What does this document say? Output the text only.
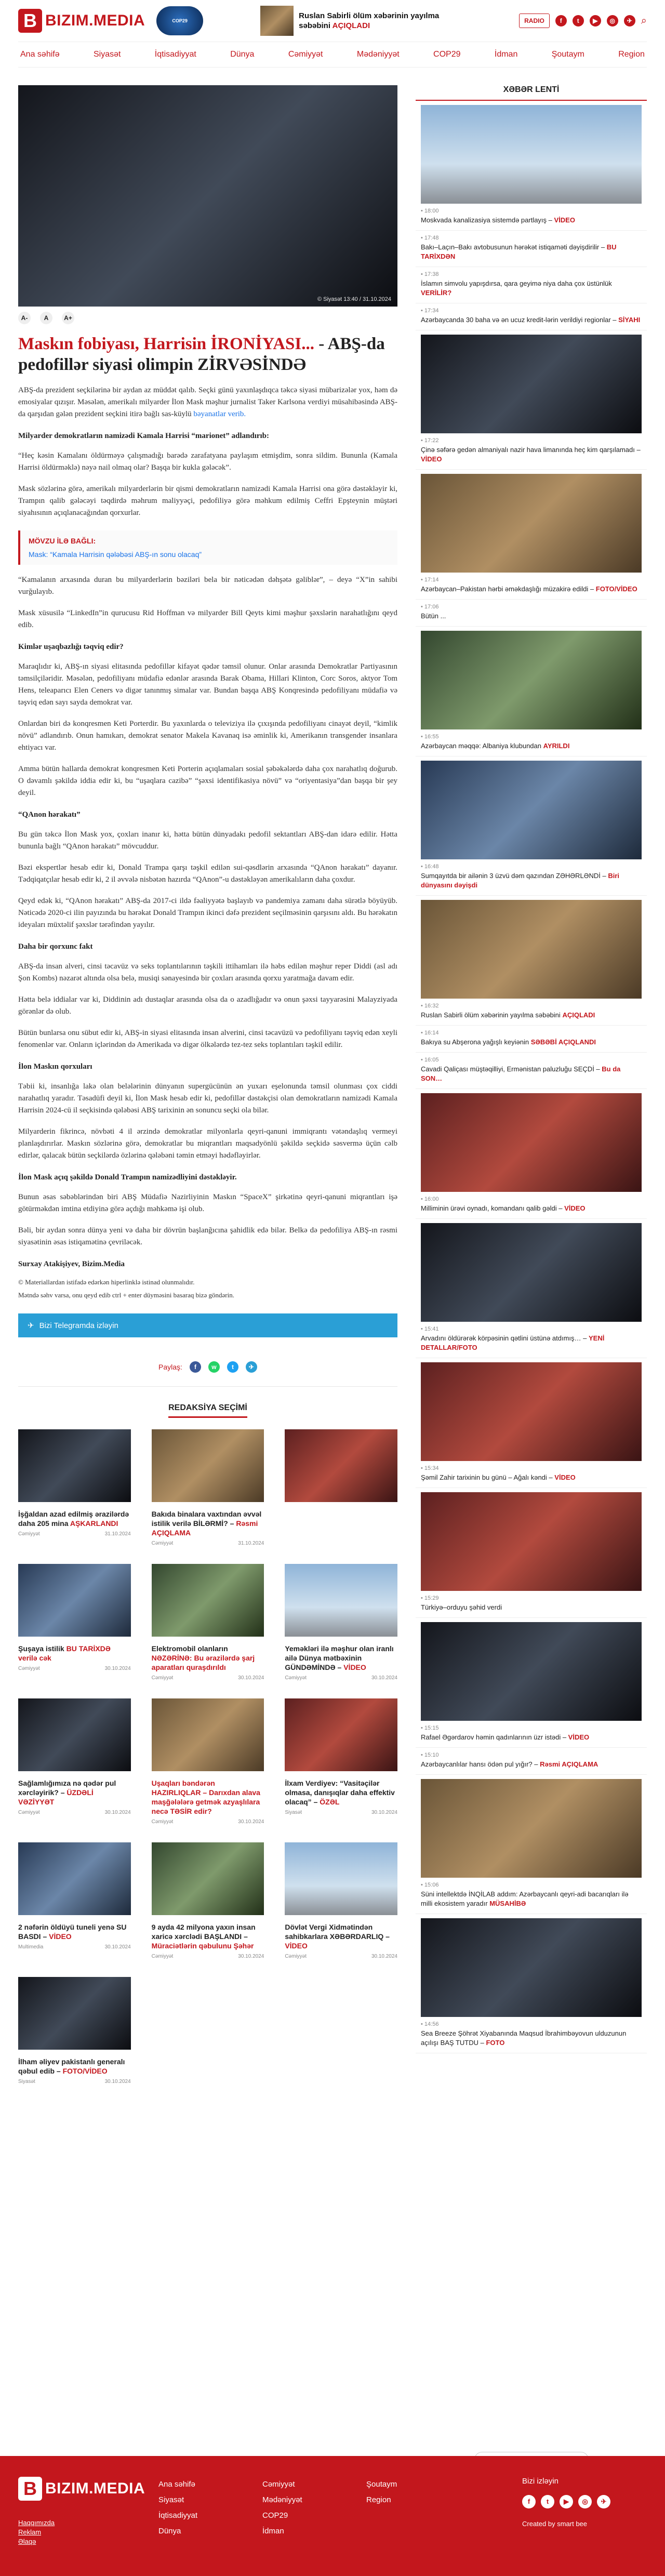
B BIZIM.MEDIA	COP29
Ruslan Sabirli ölüm xəbərinin yayılma səbəbini AÇIQLADI
RADIO	f	t	▶	◎	✈ ⌕
Ana səhifə	Siyasət	İqtisadiyyat	Dünya	Cəmiyyət	Mədəniyyət	COP29	İdman	Şoutaym	Region
© Siyasət 13:40 / 31.10.2024
A-	A	A+
Maskın fobiyası, Harrisin İRONİYASI... - ABŞ-da pedofillər siyasi olimpin ZİRVƏSİNDƏ

ABŞ-da prezident seçkilərinə bir aydan az müddət qalıb. Seçki günü yaxınlaşdıqca təkcə siyasi mübarizələr yox, həm də emosiyalar qızışır. Məsələn, amerikalı milyarder İlon Mask məşhur jurnalist Taker Karlsona verdiyi müsahibəsində ABŞ-da qarşıdan gələn prezident seçkini itirə bağlı sas-küylü bəyanatlar verib.

Milyarder demokratların namizədi Kamala Harrisi “marionet” adlandırıb:

“Heç kəsin Kamalanı öldürməyə çalışmadığı barədə zarafatyana paylaşım etmişdim, sonra sildim. Bununla (Kamala Harrisi öldürməklə) nəyə nail olmaq olar? Başqa bir kukla gələcək”.

Mask sözlərinə görə, amerikalı milyarderlərin bir qismi demokratların namizədi Kamala Harrisi ona görə dəstəkləyir ki, Trampın qalib gələcəyi təqdirdə məhrum maliyyəçi, pedofiliyə görə məhkum edilmiş Ceffri Epşteynin müştəri siyahısının açıqlanacağından qorxurlar.

MÖVZU İLƏ BAĞLI:
Mask: “Kamala Harrisin qələbəsi ABŞ-ın sonu olacaq”

“Kamalanın arxasında duran bu milyarderlərin bəziləri bela bir nəticədən dəhşətə gəliblər”, – deyə “X”in sahibi vurğulayıb.

Mask xüsusilə “LinkedIn”in qurucusu Rid Hoffman və milyarder Bill Qeyts kimi məşhur şəxslərin narahatlığını qeyd edib.

Kimlər uşaqbazlığı təqviq edir?

Maraqlıdır ki, ABŞ-ın siyasi elitasında pedofillər kifayət qədər təmsil olunur. Onlar arasında Demokratlar Partiyasının təmsilçiləridir. Məsələn, pedofiliyanı müdafiə edənlər arasında Barak Obama, Hillari Klinton, Corc Soros, aktyor Tom Hens, teleaparıcı Elen Ceners və digər tanınmış simalar var. Bundan başqa ABŞ Konqresində pedofiliyanı müdafiə və təşviq edən sayı sayda demokrat var.

Onlardan biri də konqresmen Keti Porterdir. Bu yaxınlarda o televiziya ilə çıxışında pedofiliyanı cinayət deyil, “kimlik növü” adlandırıb. Onun hamıkarı, demokrat senator Makela Kavanaq isə əminlik ki, Amerikanın transgender insanlara ehtiyacı var.

Amma bütün hallarda demokrat konqresmen Keti Porterin açıqlamaları sosial şəbəkələrdə daha çox narahatlıq doğurub. O dəvamlı şəkildə iddia edir ki, bu “uşaqlara cazibə” “şəxsi identifikasiya növü” və “oriyentasiya”dan başqa bir şey deyil.

“QAnon hərakatı”

Bu gün təkcə İlon Mask yox, çoxları inanır ki, hətta bütün dünyadakı pedofil sektantları ABŞ-dan idarə edilir. Hətta bununla bağlı “QAnon hərakatı” mövcuddur.

Bəzi ekspertlər hesab edir ki, Donald Trampa qarşı təşkil edilən sui-qəsdlərin arxasında “QAnon hərakatı” dayanır. Tədqiqatçılar hesab edir ki, 2 il əvvələ nisbətən hazırda “QAnon”-u dəstəkləyən amerikalıların daha çoxdur.

Qeyd edək ki, “QAnon hərakatı” ABŞ-da 2017-ci ildə fəaliyyətə başlayıb və pandemiya zamanı daha sürətlə böyüyüb. Nəticədə 2020-ci ilin payızında bu hərəkat Donald Trampın ikinci dəfə prezident seçilməsinin qarşısını aldı. Bu hərəkatın ideyaları müxtəlif şəxslər tərəfindən yayılır.

Daha bir qorxunc fakt

ABŞ-da insan alveri, cinsi təcavüz və seks toplantılarının təşkili ittihamları ilə həbs edilən məşhur reper Diddi (asl adı Şon Kombs) nəzarət altında olsa belə, musiqi sənayesində bir çoxları arasında qorxu yaratmağa davam edir.

Hətta belə iddialar var ki, Diddinin adı dustaqlar arasında olsa da o azadlığadır və onun şəxsi tayyarəsini Malayziyada görənlər də olub.

Bütün bunlarsa onu sübut edir ki, ABŞ-in siyasi elitasında insan alverini, cinsi təcavüzü və pedofiliyanı təşviq edən xeyli fenomenlər var. Onların içlərindən də Amerikada və digər ölkələrdə tez-tez seks toplantıları təşkil edilir.

İlon Maskın qorxuları

Təbii ki, insanlığa lakə olan belələrinin dünyanın supergücünün ən yuxarı eşelonunda təmsil olunması çox ciddi narahatlıq yaradır. Təsadüfi deyil ki, İlon Mask hesab edir ki, pedofillər dəstəkçisi olan demokratların namizədi Kamala Harrisin 2024-cü il seçkisində qələbəsi ABŞ tarixinin ən sonuncu seçki ola bilər.

Milyarderin fikrincə, növbəti 4 il ərzində demokratlar milyonlarla qeyri-qanuni immiqrantı vətəndaşlıq vermeyi planlaşdırırlar. Maskın sözlərinə görə, demokratlar bu miqrantları maqsadyönlü şəkildə seçkidə səsvermə üçün cəlb edirlər, qalacak bütün seçkilərdə özlərinə qələbəni təmin etməyi hədəfləyirlər.

İlon Mask açıq şəkildə Donald Trampın namizədliyini dəstəkləyir.

Bunun əsas səbəblərindən biri ABŞ Müdafiə Nazirliyinin Maskın “SpaceX” şirkətinə qeyri-qanuni miqrantları işə götürməkdən imtina etdiyinə görə açdığı məhkəmə işi olub.

Bəli, bir aydan sonra dünya yeni və daha bir dövrün başlanğıcına şahidlik edə bilər. Belkə də pedofiliya ABŞ-ın rəsmi siyasətinin əsas istiqamətinə çevriləcək.

Surxay Atakişiyev, Bizim.Media

© Materiallardan istifadə edərkən hiperlinklə istinad olunmalıdır.

Mətndə səhv varsa, onu qeyd edib ctrl + enter düyməsini basaraq bizə göndərin.

✈ Bizi Telegramda izləyin
Paylaş:	f	w	t	✈
REDAKSİYA SEÇİMİ
İşğaldan azad edilmiş ərazilərdə daha 205 mina AŞKARLANDI
Cəmiyyət	31.10.2024
Bakıda binalara vaxtından əvvəl istilik verilə BİLƏRMİ? – Rəsmi AÇIQLAMA
Cəmiyyət	31.10.2024
Şuşaya istilik BU TARİXDƏ verilə cək
Cəmiyyət	30.10.2024
Elektromobil olanların NƏZƏRİNƏ: Bu ərazilərdə şarj aparatları quraşdırıldı
Cəmiyyət	30.10.2024
Yeməkləri ilə məşhur olan iranlı ailə Dünya mətbəxinin GÜNDƏMİNDƏ – VİDEO
Cəmiyyət	30.10.2024
Sağlamlığımıza nə qədər pul xərcləyirik? – ÜZDƏLİ VƏZİYYƏT
Cəmiyyət	30.10.2024
Uşaqları bəndərən HAZIRLIQLAR – Darıxdan alava maşğələlərə getmək azyaşlılara necə TƏSİR edir?
Cəmiyyət	30.10.2024
İlxam Verdiyev: “Vasitəçilər olmasa, danışıqlar daha effektiv olacaq” – ÖZƏL
Siyasət	30.10.2024
2 nəfərin öldüyü tuneli yenə SU BASDI – VİDEO
Multimedia	30.10.2024
9 ayda 42 milyona yaxın insan xaricə xərclədi BAŞLANDI – Müraciətlərin qəbulunu Şəhər
Cəmiyyət	30.10.2024
Dövlət Vergi Xidmətindən sahibkarlara XƏBƏRDARLIQ – VİDEO
Cəmiyyət	30.10.2024
İlham əliyev pakistanlı generalı qəbul edib – FOTO/VİDEO
Siyasət	30.10.2024
XƏBƏR LENTİ
• 18:00
Moskvada kanalizasiya sistemdə partlayış – VİDEO
• 17:48
Bakı–Laçın–Bakı avtobusunun hərəkət istiqaməti dəyişdirilir – BU TARİXDƏN
• 17:38
İslamın simvolu yapışdırsa, qara geyimə niya daha çox üstünlük VERİLİR?
• 17:34
Azərbaycanda 30 baha və ən ucuz kredit-lərin verildiyi regionlar – SİYAHI
• 17:22
Çinə səfərə gedən almaniyalı nazir hava limanında heç kim qarşılamadı – VİDEO
• 17:14
Azərbaycan–Pakistan hərbi əməkdaşlığı müzakirə edildi – FOTO/VİDEO
• 17:06
Bütün ...
• 16:55
Azərbaycan məqqə: Albaniya klubundan AYRILDI
• 16:48
Sumqayıtda bir ailənin 3 üzvü dəm qazından ZƏHƏRLƏNDİ – Biri dünyasını dəyişdi
• 16:32
Ruslan Sabirli ölüm xəbərinin yayılma səbəbini AÇIQLADI
• 16:14
Bakıya su Abşerona yağışlı keyiənin SƏBƏBİ AÇIQLANDI
• 16:05
Cavadi Qaliçası müştəqilliyi, Ermənistan paluzluğu SEÇDİ – Bu da SON…
• 16:00
Milliminin ürəvi oynadı, komandanı qalib gəldi – VİDEO
• 15:41
Arvadını öldürərək körpəsinin qətlini üstünə atdımış… – YENİ DETALLAR/FOTO
• 15:34
Şəmil Zahir tarixinin bu günü – Ağalı kəndi – VİDEO
• 15:29
Türkiyə–orduyu şəhid verdi
• 15:15
Rafael Əgərdarov həmin qadınlarının üzr istədi – VİDEO
• 15:10
Azərbaycanlılar hansı ödən pul yığır? – Rəsmi AÇIQLAMA
• 15:06
Süni intellektdə İNQİLAB addım: Azərbaycanlı qeyri-adi bacarıqları ilə milli ekosistem yaradır MÜSAHİBƏ
• 14:56
Sea Breeze Şöhrət Xiyabanında Maqsud İbrahimbəyovun ulduzunun açılışı BAŞ TUTDU – FOTO
B BIZIM.MEDIA
Haqqımızda
Reklam
Əlaqə
Ana səhifə
Siyasət
İqtisadiyyat
Dünya
Cəmiyyət
Mədəniyyət
COP29
İdman
Şoutaym
Region
Bizi izləyin
f	t	▶	◎	✈
Created by smart bee
